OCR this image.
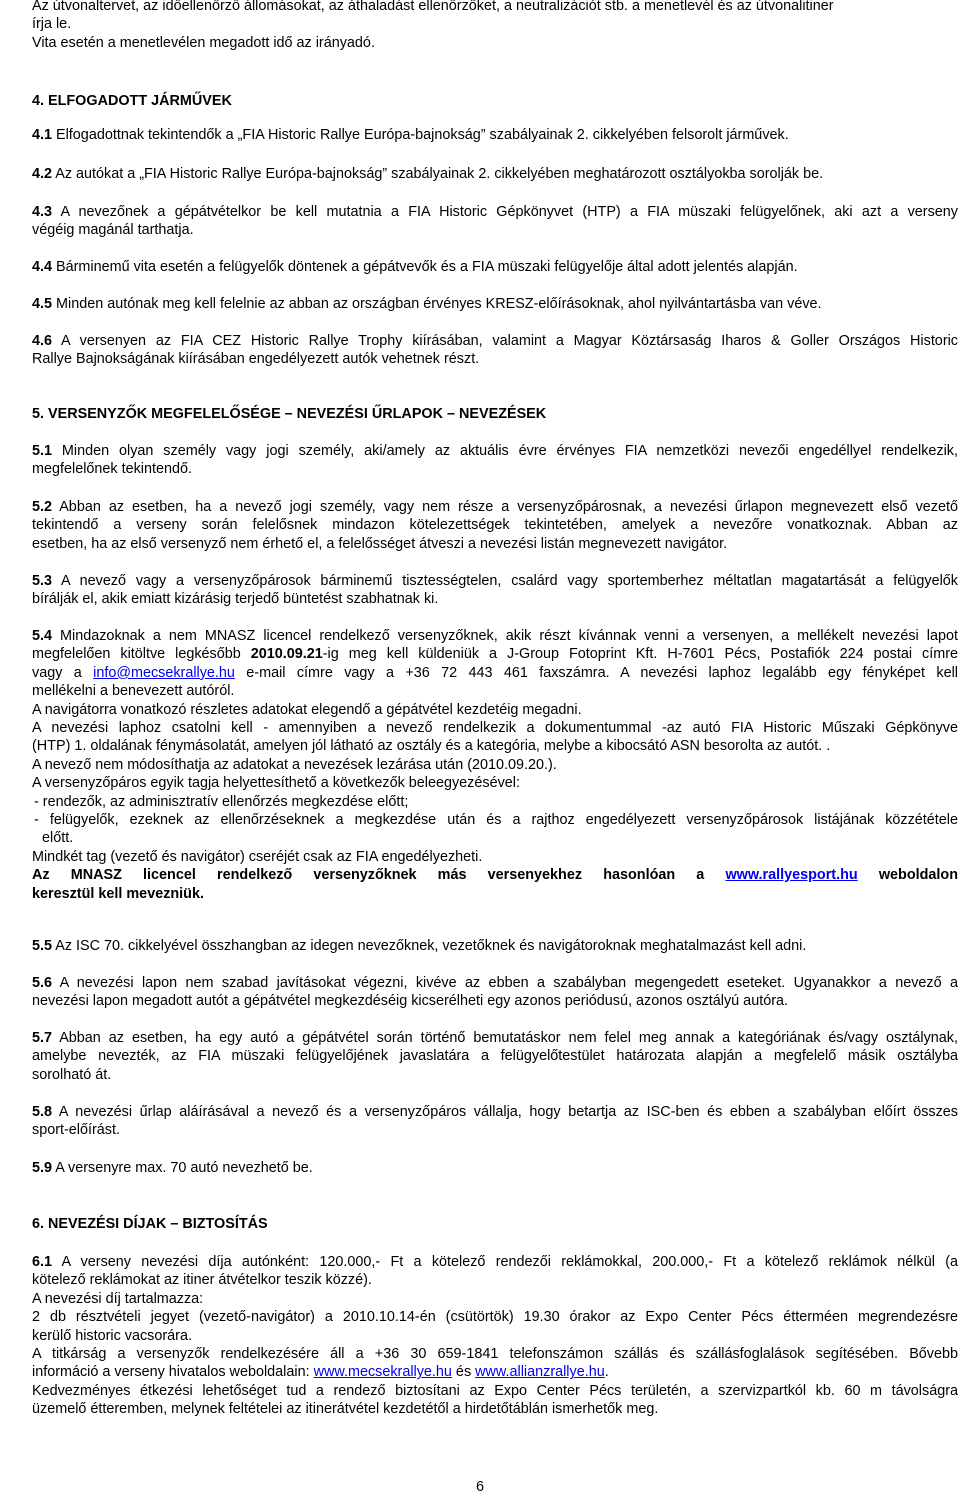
Az útvonaltervet, az időellenőrző állomásokat, az áthaladást ellenőrzőket, a neutralizációt stb. a menetlevél és az útvonalitiner
írja le.
Vita esetén a menetlevélen megadott idő az irányadó.
4. ELFOGADOTT JÁRMŰVEK
4.1 Elfogadottnak tekintendők a „FIA Historic Rallye Európa-bajnokság” szabályainak 2. cikkelyében felsorolt járművek.
4.2 Az autókat a „FIA Historic Rallye Európa-bajnokság” szabályainak 2. cikkelyében meghatározott osztályokba sorolják be.
4.3 A nevezőnek a gépátvételkor be kell mutatnia a FIA Historic Gépkönyvet (HTP) a FIA müszaki felügyelőnek, aki azt a verseny
végéig magánál tarthatja.
4.4 Bárminemű vita esetén a felügyelők döntenek a gépátvevők és a FIA müszaki felügyelője által adott jelentés alapján.
4.5 Minden autónak meg kell felelnie az abban az országban érvényes KRESZ-előírásoknak, ahol nyilvántartásba van véve.
4.6 A versenyen az FIA CEZ Historic Rallye Trophy kiírásában, valamint a Magyar Köztársaság Iharos & Goller Országos Historic
Rallye Bajnokságának kiírásában engedélyezett autók vehetnek részt.
5. VERSENYZŐK MEGFELELŐSÉGE – NEVEZÉSI ŰRLAPOK – NEVEZÉSEK
5.1 Minden olyan személy vagy jogi személy, aki/amely az aktuális évre érvényes FIA nemzetközi nevezői engedéllyel rendelkezik,
megfelelőnek tekintendő.
5.2 Abban az esetben, ha a nevező jogi személy, vagy nem része a versenyzőpárosnak, a nevezési űrlapon megnevezett első vezető
tekintendő a verseny során felelősnek mindazon kötelezettségek tekintetében, amelyek a nevezőre vonatkoznak. Abban az
esetben, ha az első versenyző nem érhető el, a felelősséget átveszi a nevezési listán megnevezett navigátor.
5.3 A nevező vagy a versenyzőpárosok bárminemű tisztességtelen, csalárd vagy sportemberhez méltatlan magatartását a felügyelők
bírálják el, akik emiatt kizárásig terjedő büntetést szabhatnak ki.
5.4 Mindazoknak a nem MNASZ licencel rendelkező versenyzőknek, akik részt kívánnak venni a versenyen, a mellékelt nevezési lapot
megfelelően kitöltve legkésőbb 2010.09.21-ig meg kell küldeniük a J-Group Fotoprint Kft. H-7601 Pécs, Postafiók 224 postai címre
vagy a info@mecsekrallye.hu e-mail címre vagy a +36 72 443 461 faxszámra. A nevezési laphoz legalább egy fényképet kell
mellékelni a benevezett autóról.
A navigátorra vonatkozó részletes adatokat elegendő a gépátvétel kezdetéig megadni.
A nevezési laphoz csatolni kell - amennyiben a nevező rendelkezik a dokumentummal -az autó FIA Historic Műszaki Gépkönyve
(HTP) 1. oldalának fénymásolatát, amelyen jól látható az osztály és a kategória, melybe a kibocsátó ASN besorolta az autót. .
A nevező nem módosíthatja az adatokat a nevezések lezárása után (2010.09.20.).
A versenyzőpáros egyik tagja helyettesíthető a következők beleegyezésével:
- rendezők, az adminisztratív ellenőrzés megkezdése előtt;
- felügyelők, ezeknek az ellenőrzéseknek a megkezdése után és a rajthoz engedélyezett versenyzőpárosok listájának közzététele
előtt.
Mindkét tag (vezető és navigátor) cseréjét csak az FIA engedélyezheti.
Az MNASZ licencel rendelkező versenyzőknek más versenyekhez hasonlóan a www.rallyesport.hu weboldalon
keresztül kell mevezniük.
5.5 Az ISC 70. cikkelyével összhangban az idegen nevezőknek, vezetőknek és navigátoroknak meghatalmazást kell adni.
5.6 A nevezési lapon nem szabad javításokat végezni, kivéve az ebben a szabályban megengedett eseteket. Ugyanakkor a nevező a
nevezési lapon megadott autót a gépátvétel megkezdéséig kicserélheti egy azonos periódusú, azonos osztályú autóra.
5.7 Abban az esetben, ha egy autó a gépátvétel során történő bemutatáskor nem felel meg annak a kategóriának és/vagy osztálynak,
amelybe nevezték, az FIA müszaki felügyelőjének javaslatára a felügyelőtestület határozata alapján a megfelelő másik osztályba
sorolható át.
5.8 A nevezési űrlap aláírásával a nevező és a versenyzőpáros vállalja, hogy betartja az ISC-ben és ebben a szabályban előírt összes
sport-előírást.
5.9 A versenyre max. 70 autó nevezhető be.
6. NEVEZÉSI DÍJAK – BIZTOSÍTÁS
6.1 A verseny nevezési díja autónként: 120.000,- Ft a kötelező rendezői reklámokkal, 200.000,- Ft a kötelező reklámok nélkül (a
kötelező reklámokat az itiner átvételkor teszik közzé).
A nevezési díj tartalmazza:
2 db résztvételi jegyet (vezető-navigátor) a 2010.10.14-én (csütörtök) 19.30 órakor az Expo Center Pécs étterméen megrendezésre
kerülő historic vacsorára.
A titkárság a versenyzők rendelkezésére áll a +36 30 659-1841 telefonszámon szállás és szállásfoglalások segítésében. Bővebb
információ a verseny hivatalos weboldalain: www.mecsekrallye.hu és www.allianzrallye.hu.
Kedvezményes étkezési lehetőséget tud a rendező biztosítani az Expo Center Pécs területén, a szervizpartkól kb. 60 m távolságra
üzemelő étteremben, melynek feltételei az itinerátvétel kezdetétől a hirdetőtáblán ismerhetők meg.
6
